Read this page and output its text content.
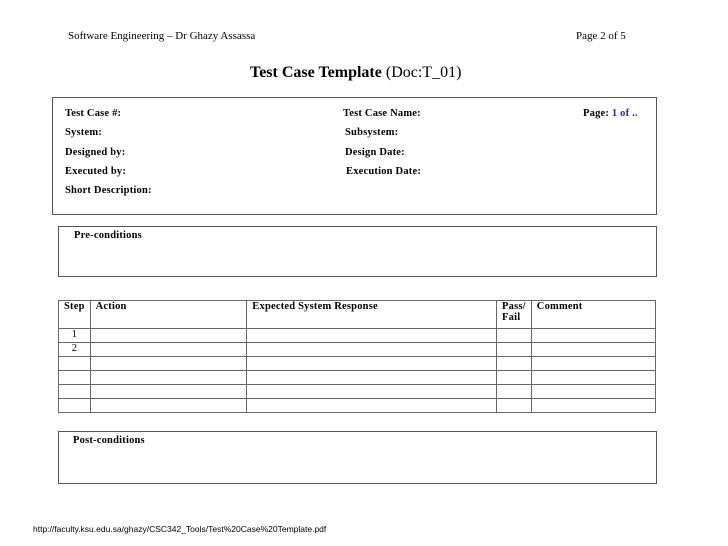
Software Engineering – Dr Ghazy Assassa	Page 2 of 5
Test Case Template (Doc:T_01)
Test Case #:	Test Case Name:	Page: 1 of ..
System:	Subsystem:
Designed by:	Design Date:
Executed by:	Execution Date:
Short Description:
Pre-conditions
Step	Action	Expected System Response	Pass/ Fail	Comment
1				
2				

Post-conditions
http://faculty.ksu.edu.sa/ghazy/CSC342_Tools/Test%20Case%20Template.pdf
